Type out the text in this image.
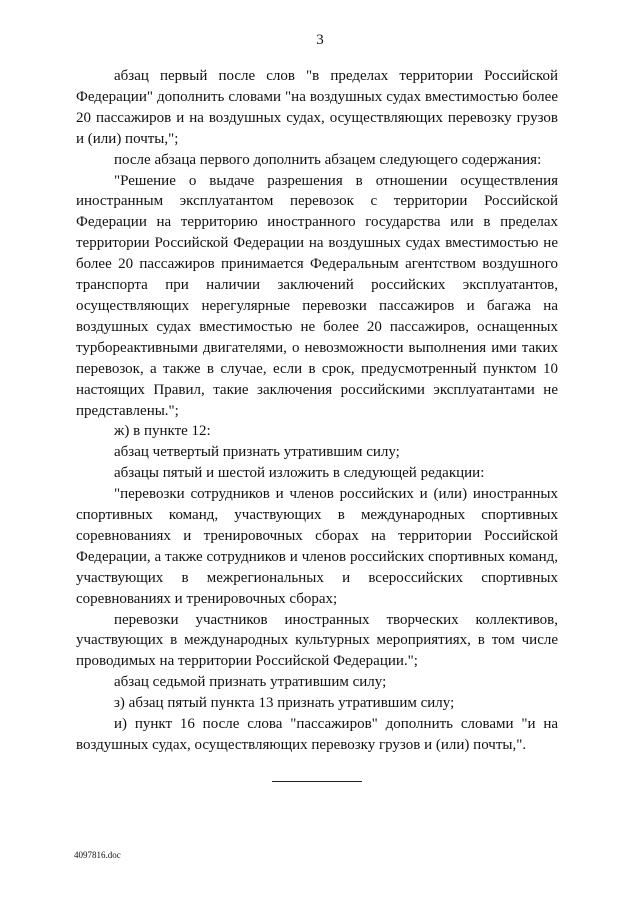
3

абзац первый после слов "в пределах территории Российской Федерации" дополнить словами "на воздушных судах вместимостью более 20 пассажиров и на воздушных судах, осуществляющих перевозку грузов и (или) почты,";

после абзаца первого дополнить абзацем следующего содержания:

"Решение о выдаче разрешения в отношении осуществления иностранным эксплуатантом перевозок с территории Российской Федерации на территорию иностранного государства или в пределах территории Российской Федерации на воздушных судах вместимостью не более 20 пассажиров принимается Федеральным агентством воздушного транспорта при наличии заключений российских эксплуатантов, осуществляющих нерегулярные перевозки пассажиров и багажа на воздушных судах вместимостью не более 20 пассажиров, оснащенных турбореактивными двигателями, о невозможности выполнения ими таких перевозок, а также в случае, если в срок, предусмотренный пунктом 10 настоящих Правил, такие заключения российскими эксплуатантами не представлены.";

ж) в пункте 12:

абзац четвертый признать утратившим силу;

абзацы пятый и шестой изложить в следующей редакции:

"перевозки сотрудников и членов российских и (или) иностранных спортивных команд, участвующих в международных спортивных соревнованиях и тренировочных сборах на территории Российской Федерации, а также сотрудников и членов российских спортивных команд, участвующих в межрегиональных и всероссийских спортивных соревнованиях и тренировочных сборах;

перевозки участников иностранных творческих коллективов, участвующих в международных культурных мероприятиях, в том числе проводимых на территории Российской Федерации.";

абзац седьмой признать утратившим силу;

з) абзац пятый пункта 13 признать утратившим силу;

и) пункт 16 после слова "пассажиров" дополнить словами "и на воздушных судах, осуществляющих перевозку грузов и (или) почты,".

4097816.doc
